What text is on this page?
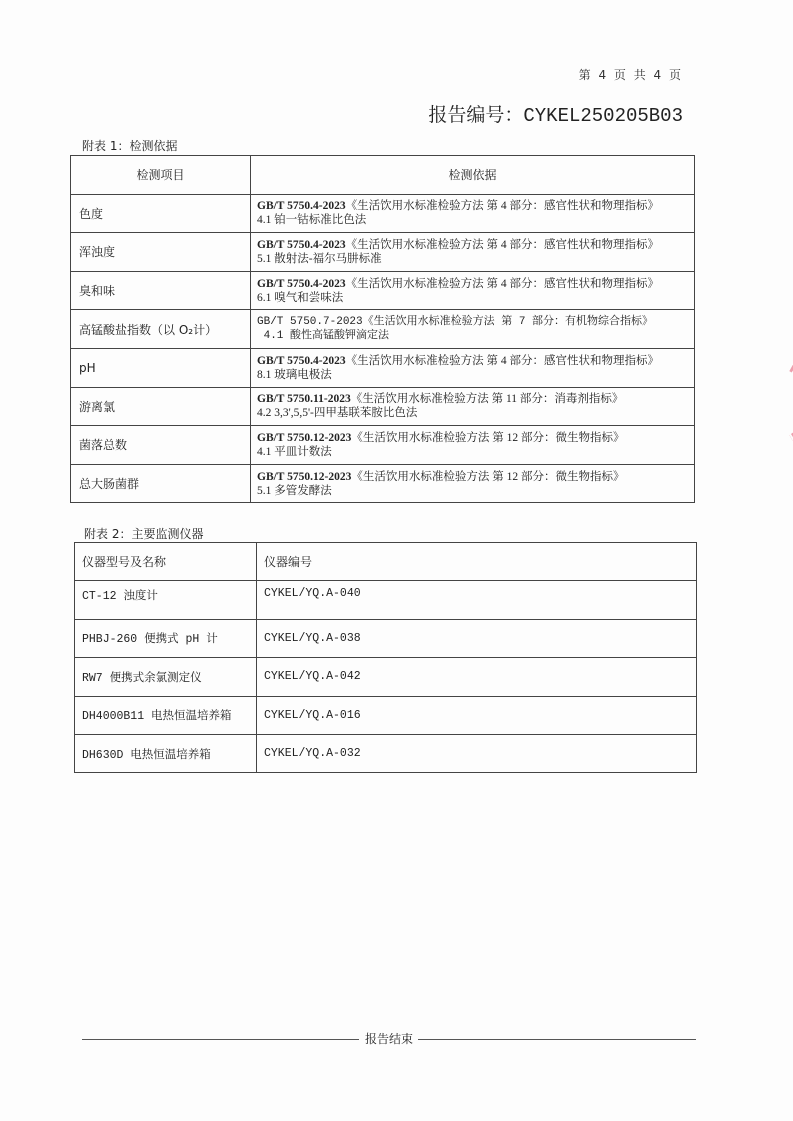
第 4 页 共 4 页
报告编号：CYKEL250205B03
附表 1：检测依据
检测项目	检测依据
色度	GB/T 5750.4-2023《生活饮用水标准检验方法 第 4 部分：感官性状和物理指标》
4.1 铂一钴标准比色法

浑浊度	GB/T 5750.4-2023《生活饮用水标准检验方法 第 4 部分：感官性状和物理指标》
5.1 散射法-福尔马肼标准

臭和味	GB/T 5750.4-2023《生活饮用水标准检验方法 第 4 部分：感官性状和物理指标》
6.1 嗅气和尝味法

高锰酸盐指数（以 O₂计）	GB/T 5750.7-2023《生活饮用水标准检验方法 第 7 部分：有机物综合指标》
4.1 酸性高锰酸钾滴定法

pH	GB/T 5750.4-2023《生活饮用水标准检验方法 第 4 部分：感官性状和物理指标》
8.1 玻璃电极法

游离氯	GB/T 5750.11-2023《生活饮用水标准检验方法 第 11 部分：消毒剂指标》
4.2 3,3',5,5'-四甲基联苯胺比色法

菌落总数	GB/T 5750.12-2023《生活饮用水标准检验方法 第 12 部分：微生物指标》
4.1 平皿计数法

总大肠菌群	GB/T 5750.12-2023《生活饮用水标准检验方法 第 12 部分：微生物指标》
5.1 多管发酵法
附表 2：主要监测仪器
仪器型号及名称	仪器编号
CT-12 浊度计	CYKEL/YQ.A-040
PHBJ-260 便携式 pH 计	CYKEL/YQ.A-038
RW7 便携式余氯测定仪	CYKEL/YQ.A-042
DH4000B11 电热恒温培养箱	CYKEL/YQ.A-016
DH630D 电热恒温培养箱	CYKEL/YQ.A-032
报告结束
